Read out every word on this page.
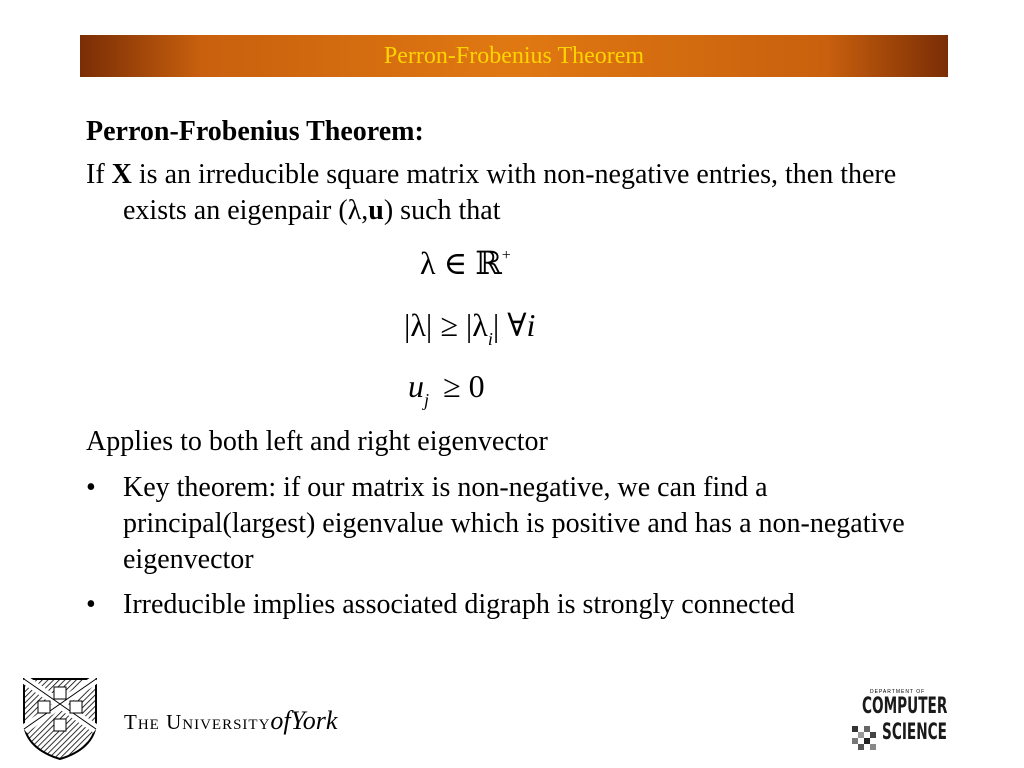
Perron-Frobenius Theorem

Perron-Frobenius Theorem:

If X is an irreducible square matrix with non-negative entries, then there exists an eigenpair (λ,u) such that

λ ∈ ℝ+
$|\lambda| \ge |\lambda_i|$ ∀i
$u_j \ge 0$
Applies to both left and right eigenvector
• Key theorem: if our matrix is non-negative, we can find a principal(largest) eigenvalue which is positive and has a non-negative eigenvector
• Irreducible implies associated digraph is strongly connected
The UniversityofYork
DEPARTMENT OF
COMPUTER
SCIENCE
